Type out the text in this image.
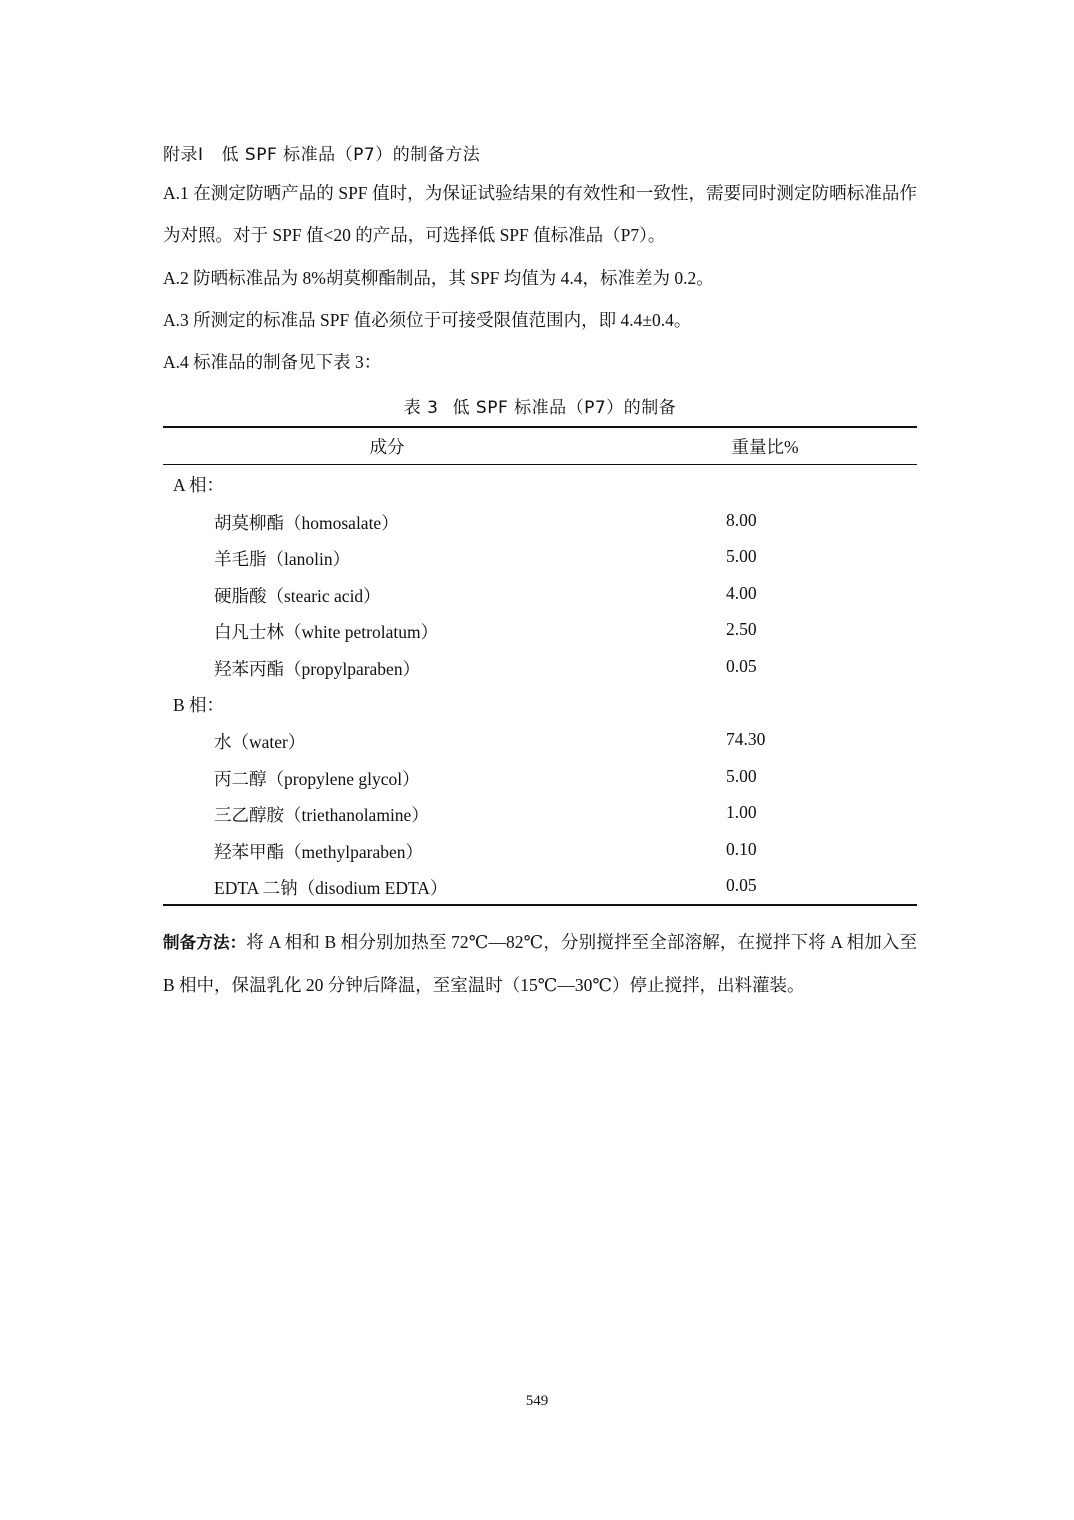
附录Ⅰ 低 SPF 标准品（P7）的制备方法
A.1 在测定防晒产品的 SPF 值时，为保证试验结果的有效性和一致性，需要同时测定防晒标准品作为对照。对于 SPF 值<20 的产品，可选择低 SPF 值标准品（P7）。
A.2 防晒标准品为 8%胡莫柳酯制品，其 SPF 均值为 4.4，标准差为 0.2。
A.3 所测定的标准品 SPF 值必须位于可接受限值范围内，即 4.4±0.4。
A.4 标准品的制备见下表 3：
表 3 低 SPF 标准品（P7）的制备
成分	重量比%
A 相：
胡莫柳酯（homosalate）	8.00
羊毛脂（lanolin）	5.00
硬脂酸（stearic acid）	4.00
白凡士林（white petrolatum）	2.50
羟苯丙酯（propylparaben）	0.05
B 相：
水（water）	74.30
丙二醇（propylene glycol）	5.00
三乙醇胺（triethanolamine）	1.00
羟苯甲酯（methylparaben）	0.10
EDTA 二钠（disodium EDTA）	0.05
制备方法：将 A 相和 B 相分别加热至 72℃—82℃，分别搅拌至全部溶解，在搅拌下将 A 相加入至 B 相中，保温乳化 20 分钟后降温，至室温时（15℃—30℃）停止搅拌，出料灌装。
549
